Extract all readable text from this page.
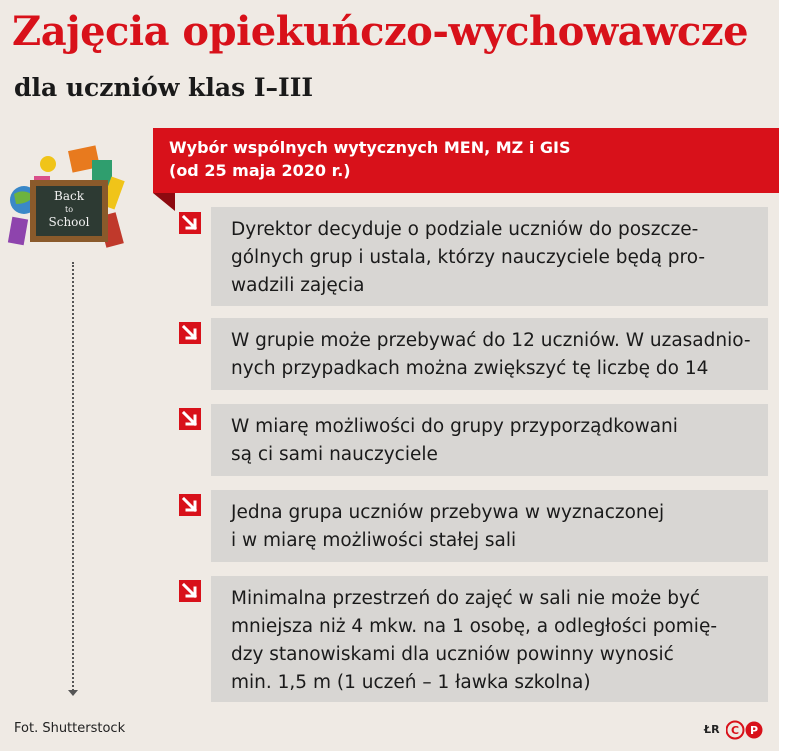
Zajęcia opiekuńczo-wychowawcze
dla uczniów klas I–III
Back
to
School
Wybór wspólnych wytycznych MEN, MZ i GIS
(od 25 maja 2020 r.)
Dyrektor decyduje o podziale uczniów do poszcze-
gólnych grup i ustala, którzy nauczyciele będą pro-
wadzili zajęcia
W grupie może przebywać do 12 uczniów. W uzasadnio-
nych przypadkach można zwiększyć tę liczbę do 14
W miarę możliwości do grupy przyporządkowani
są ci sami nauczyciele
Jedna grupa uczniów przebywa w wyznaczonej
i w miarę możliwości stałej sali
Minimalna przestrzeń do zajęć w sali nie może być
mniejsza niż 4 mkw. na 1 osobę, a odległości pomię-
dzy stanowiskami dla uczniów powinny wynosić
min. 1,5 m (1 uczeń – 1 ławka szkolna)
Fot. Shutterstock	ŁR C P
